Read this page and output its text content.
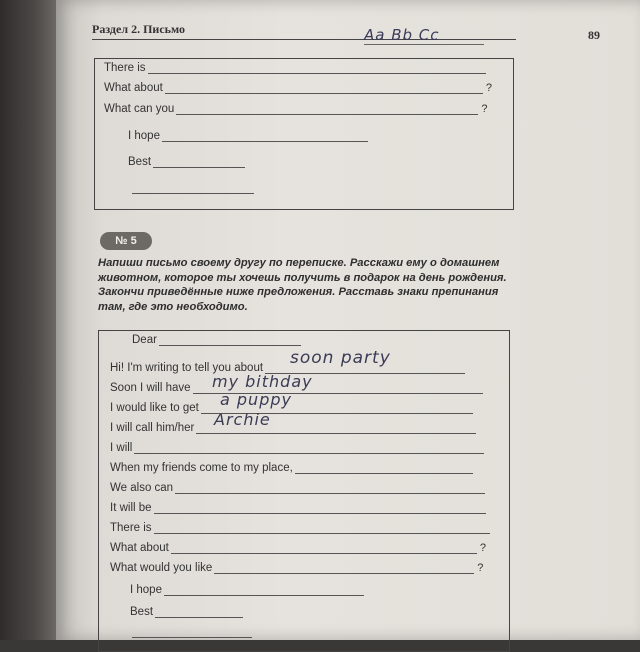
Раздел 2. Письмо	Aa Bb Cc	89
There is
What about	?
What can you	?
I hope
Best
№ 5

Напиши письмо своему другу по переписке. Расскажи ему о домашнем животном, которое ты хочешь получить в подарок на день рождения. Закончи приведённые ниже предложения. Расставь знаки препинания там, где это необходимо.

Dear
Hi! I'm writing to tell you about soon party
Soon I will have my bithday
I would like to get a puppy
I will call him/her Archie
I will
When my friends come to my place,
We also can
It will be
There is
What about	?
What would you like	?
I hope
Best
